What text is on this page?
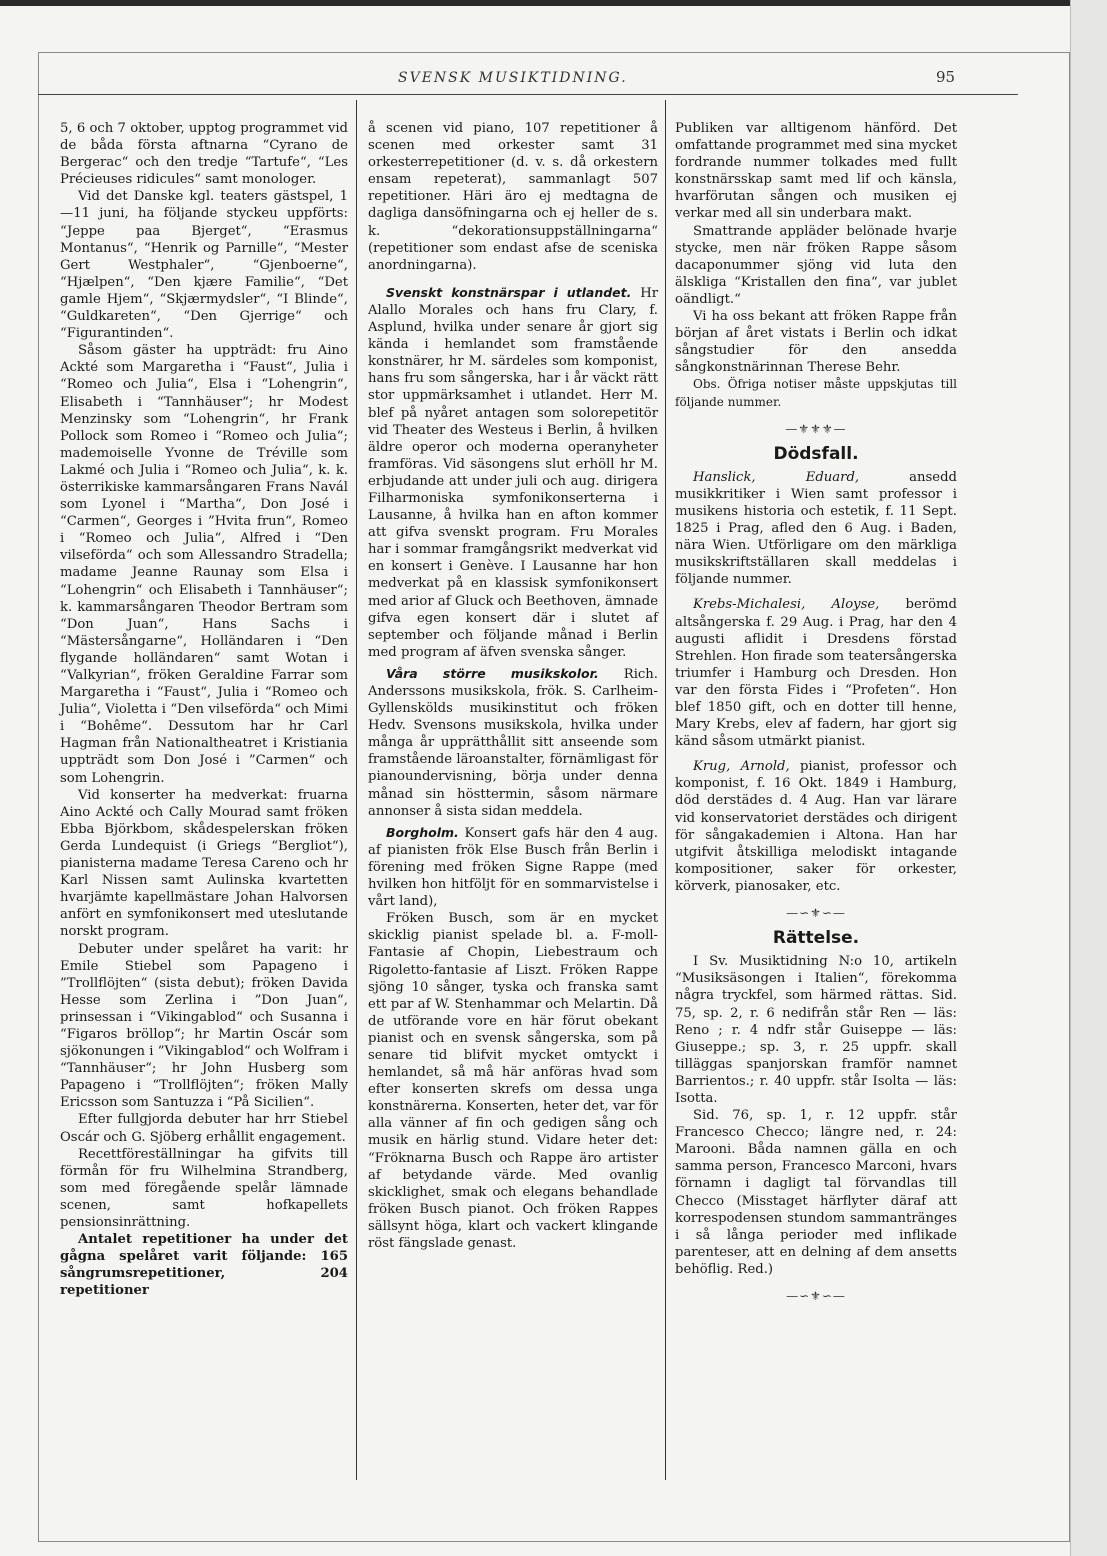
SVENSK MUSIKTIDNING.	95

5, 6 och 7 oktober, upptog programmet vid de båda första aftnarna “Cyrano de Bergerac“ och den tredje “Tartufe“, “Les Précieuses ridicules“ samt monologer.

Vid det Danske kgl. teaters gästspel, 1—11 juni, ha följande styckeu uppförts: “Jeppe paa Bjerget“, “Erasmus Montanus“, “Henrik og Parnille“, “Mester Gert Westphaler“, “Gjenboerne“, “Hjælpen“, “Den kjære Familie“, “Det gamle Hjem“, “Skjærmydsler“, “I Blinde“, “Guldkareten“, “Den Gjerrige“ och “Figurantinden“.

Såsom gäster ha uppträdt: fru Aino Ackté som Margaretha i “Faust“, Julia i “Romeo och Julia“, Elsa i “Lohengrin“, Elisabeth i “Tannhäuser“; hr Modest Menzinsky som “Lohengrin“, hr Frank Pollock som Romeo i “Romeo och Julia“; mademoiselle Yvonne de Tréville som Lakmé och Julia i “Romeo och Julia“, k. k. österrikiske kammarsångaren Frans Navál som Lyonel i “Martha“, Don José i “Carmen“, Georges i ”Hvita frun“, Romeo i “Romeo och Julia“, Alfred i “Den vilseförda“ och som Allessandro Stradella; madame Jeanne Raunay som Elsa i “Lohengrin“ och Elisabeth i Tannhäuser“; k. kammarsångaren Theodor Bertram som “Don Juan“, Hans Sachs i “Mästersångarne“, Holländaren i “Den flygande holländaren“ samt Wotan i “Valkyrian“, fröken Geraldine Farrar som Margaretha i “Faust“, Julia i “Romeo och Julia“, Violetta i “Den vilseförda“ och Mimi i “Bohême“. Dessutom har hr Carl Hagman från Nationaltheatret i Kristiania uppträdt som Don José i ”Carmen“ och som Lohengrin.

Vid konserter ha medverkat: fruarna Aino Ackté och Cally Mourad samt fröken Ebba Björkbom, skådespelerskan fröken Gerda Lundequist (i Griegs “Bergliot“), pianisterna madame Teresa Careno och hr Karl Nissen samt Aulinska kvartetten hvarjämte kapellmästare Johan Halvorsen anfört en symfonikonsert med uteslutande norskt program.

Debuter under spelåret ha varit: hr Emile Stiebel som Papageno i ”Trollflöjten“ (sista debut); fröken Davida Hesse som Zerlina i ”Don Juan“, prinsessan i “Vikingablod“ och Susanna i “Figaros bröllop“; hr Martin Oscár som sjökonungen i ”Vikingablod“ och Wolfram i “Tannhäuser“; hr John Husberg som Papageno i “Trollflöjten“; fröken Mally Ericsson som Santuzza i “På Sicilien“.

Efter fullgjorda debuter har hrr Stiebel Oscár och G. Sjöberg erhållit engagement.

Recettföreställningar ha gifvits till förmån för fru Wilhelmina Strandberg, som med föregående spelår lämnade scenen, samt hofkapellets pensionsinrättning.

Antalet repetitioner ha under det gågna spelåret varit följande: 165 sångrumsrepetitioner, 204 repetitioner

å scenen vid piano, 107 repetitioner å scenen med orkester samt 31 orkesterrepetitioner (d. v. s. då orkestern ensam repeterat), sammanlagt 507 repetitioner. Häri äro ej medtagna de dagliga dansöfningarna och ej heller de s. k. “dekorationsuppställningarna“ (repetitioner som endast afse de sceniska anordningarna).

Svenskt konstnärspar i utlandet. Hr Alallo Morales och hans fru Clary, f. Asplund, hvilka under senare år gjort sig kända i hemlandet som framstående konstnärer, hr M. särdeles som komponist, hans fru som sångerska, har i år väckt rätt stor uppmärksamhet i utlandet. Herr M. blef på nyåret antagen som solorepetitör vid Theater des Westeus i Berlin, å hvilken äldre operor och moderna operanyheter framföras. Vid säsongens slut erhöll hr M. erbjudande att under juli och aug. dirigera Filharmoniska symfonikonserterna i Lausanne, å hvilka han en afton kommer att gifva svenskt program. Fru Morales har i sommar framgångsrikt medverkat vid en konsert i Genève. I Lausanne har hon medverkat på en klassisk symfonikonsert med arior af Gluck och Beethoven, ämnade gifva egen konsert där i slutet af september och följande månad i Berlin med program af äfven svenska sånger.

Våra större musikskolor. Rich. Anderssons musikskola, frök. S. Carlheim-Gyllenskölds musikinstitut och fröken Hedv. Svensons musikskola, hvilka under många år upprätthållit sitt anseende som framstående läroanstalter, förnämligast för pianoundervisning, börja under denna månad sin hösttermin, såsom närmare annonser å sista sidan meddela.

Borgholm. Konsert gafs här den 4 aug. af pianisten frök Else Busch från Berlin i förening med fröken Signe Rappe (med hvilken hon hitföljt för en sommarvistelse i vårt land),

Fröken Busch, som är en mycket skicklig pianist spelade bl. a. F-moll-Fantasie af Chopin, Liebestraum och Rigoletto-fantasie af Liszt. Fröken Rappe sjöng 10 sånger, tyska och franska samt ett par af W. Stenhammar och Melartin. Då de utförande vore en här förut obekant pianist och en svensk sångerska, som på senare tid blifvit mycket omtyckt i hemlandet, så må här anföras hvad som efter konserten skrefs om dessa unga konstnärerna. Konserten, heter det, var för alla vänner af fin och gedigen sång och musik en härlig stund. Vidare heter det: “Fröknarna Busch och Rappe äro artister af betydande värde. Med ovanlig skicklighet, smak och elegans behandlade fröken Busch pianot. Och fröken Rappes sällsynt höga, klart och vackert klingande röst fängslade genast.

Publiken var alltigenom hänförd. Det omfattande programmet med sina mycket fordrande nummer tolkades med fullt konstnärsskap samt med lif och känsla, hvarförutan sången och musiken ej verkar med all sin underbara makt.

Smattrande appläder belönade hvarje stycke, men när fröken Rappe såsom dacaponummer sjöng vid luta den älskliga “Kristallen den fina“, var jublet oändligt.“

Vi ha oss bekant att fröken Rappe från början af året vistats i Berlin och idkat sångstudier för den ansedda sångkonstnärinnan Therese Behr.

Obs. Öfriga notiser måste uppskjutas till följande nummer.

—⚜⚜⚜—
Dödsfall.

Hanslick, Eduard, ansedd musikkritiker i Wien samt professor i musikens historia och estetik, f. 11 Sept. 1825 i Prag, afled den 6 Aug. i Baden, nära Wien. Utförligare om den märkliga musikskriftställaren skall meddelas i följande nummer.

Krebs-Michalesi, Aloyse, berömd altsångerska f. 29 Aug. i Prag, har den 4 augusti aflidit i Dresdens förstad Strehlen. Hon firade som teatersångerska triumfer i Hamburg och Dresden. Hon var den första Fides i “Profeten“. Hon blef 1850 gift, och en dotter till henne, Mary Krebs, elev af fadern, har gjort sig känd såsom utmärkt pianist.

Krug, Arnold, pianist, professor och komponist, f. 16 Okt. 1849 i Hamburg, död derstädes d. 4 Aug. Han var lärare vid konservatoriet derstädes och dirigent för sångakademien i Altona. Han har utgifvit åtskilliga melodiskt intagande kompositioner, saker för orkester, körverk, pianosaker, etc.

—∽⚜∽—
Rättelse.

I Sv. Musiktidning N:o 10, artikeln “Musiksäsongen i Italien“, förekomma några tryckfel, som härmed rättas. Sid. 75, sp. 2, r. 6 nedifrån står Ren — läs: Reno ; r. 4 ndfr står Guiseppe — läs: Giuseppe.; sp. 3, r. 25 uppfr. skall tilläggas spanjorskan framför namnet Barrientos.; r. 40 uppfr. står Isolta — läs: Isotta.

Sid. 76, sp. 1, r. 12 uppfr. står Francesco Checco; längre ned, r. 24: Marooni. Båda namnen gälla en och samma person, Francesco Marconi, hvars förnamn i dagligt tal förvandlas till Checco (Misstaget härflyter däraf att korrespodensen stundom sammantränges i så långa perioder med inflikade parenteser, att en delning af dem ansetts behöflig. Red.)

—∽⚜∽—
